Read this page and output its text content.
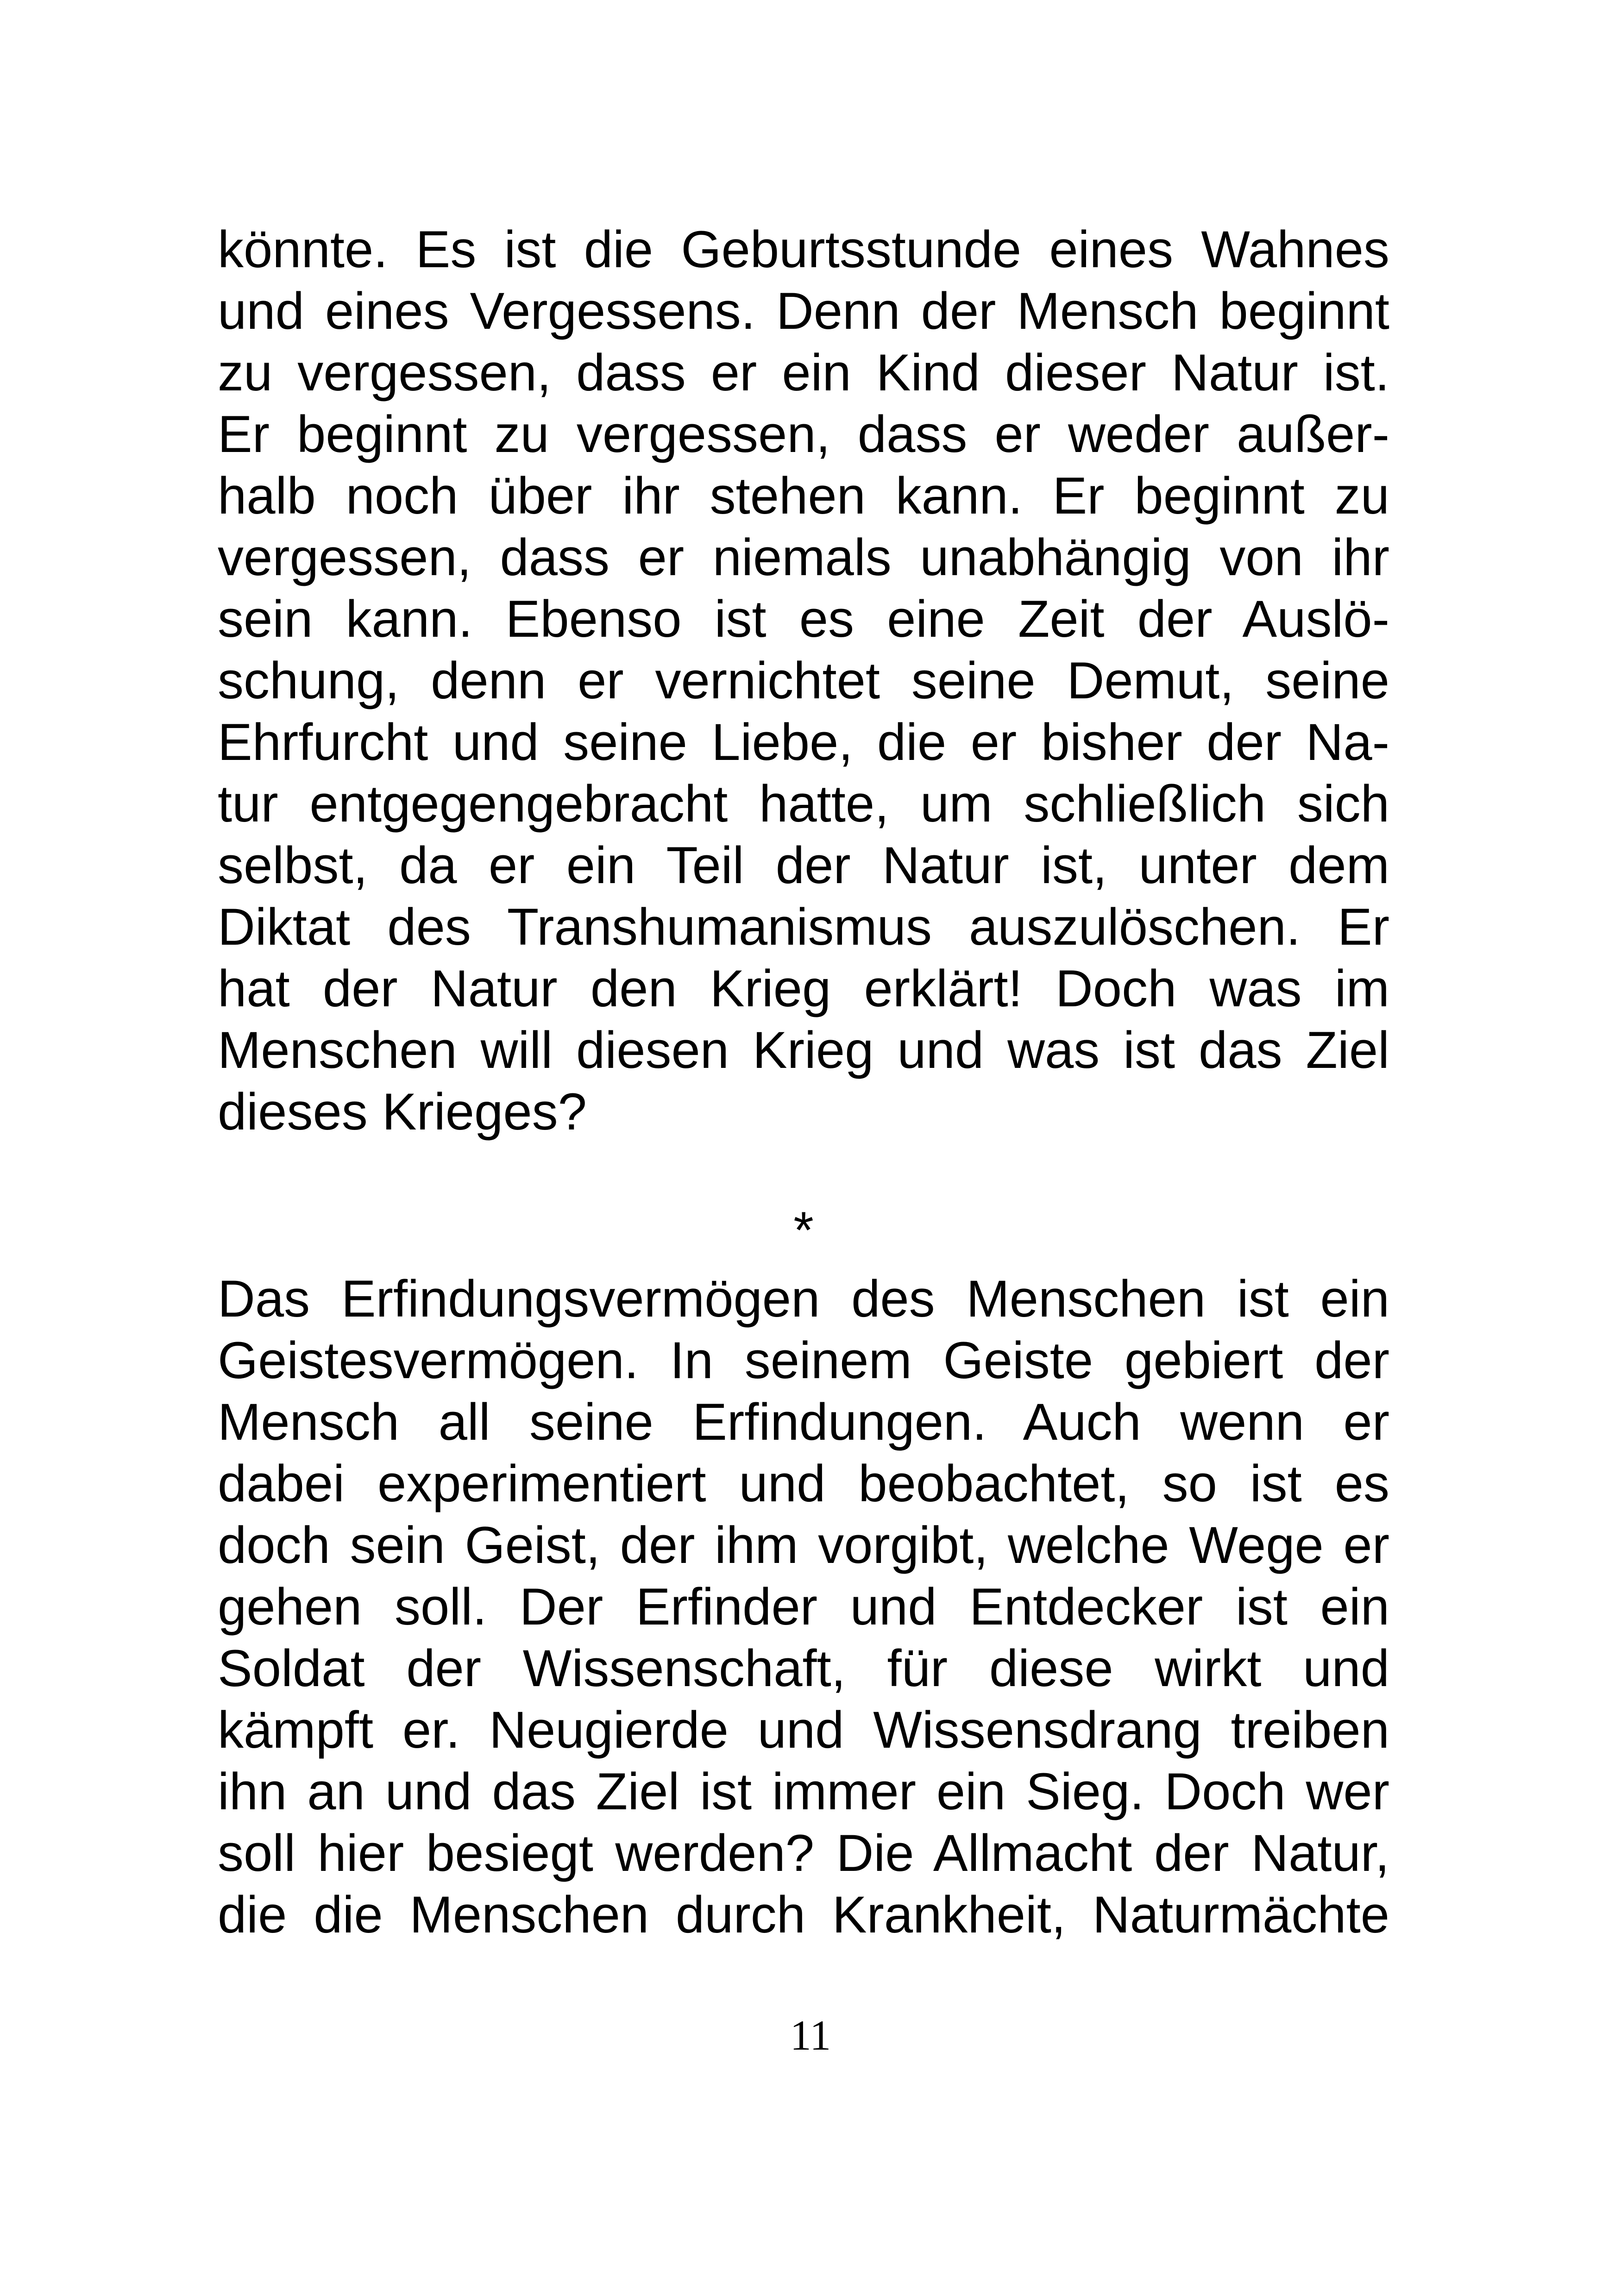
könnte. Es ist die Geburtsstunde eines Wahnes
und eines Vergessens. Denn der Mensch beginnt
zu vergessen, dass er ein Kind dieser Natur ist.
Er beginnt zu vergessen, dass er weder außer-
halb noch über ihr stehen kann. Er beginnt zu
vergessen, dass er niemals unabhängig von ihr
sein kann. Ebenso ist es eine Zeit der Auslö-
schung, denn er vernichtet seine Demut, seine
Ehrfurcht und seine Liebe, die er bisher der Na-
tur entgegengebracht hatte, um schließlich sich
selbst, da er ein Teil der Natur ist, unter dem
Diktat des Transhumanismus auszulöschen. Er
hat der Natur den Krieg erklärt! Doch was im
Menschen will diesen Krieg und was ist das Ziel
dieses Krieges?
*
Das Erfindungsvermögen des Menschen ist ein
Geistesvermögen. In seinem Geiste gebiert der
Mensch all seine Erfindungen. Auch wenn er
dabei experimentiert und beobachtet, so ist es
doch sein Geist, der ihm vorgibt, welche Wege er
gehen soll. Der Erfinder und Entdecker ist ein
Soldat der Wissenschaft, für diese wirkt und
kämpft er. Neugierde und Wissensdrang treiben
ihn an und das Ziel ist immer ein Sieg. Doch wer
soll hier besiegt werden? Die Allmacht der Natur,
die die Menschen durch Krankheit, Naturmächte
11
